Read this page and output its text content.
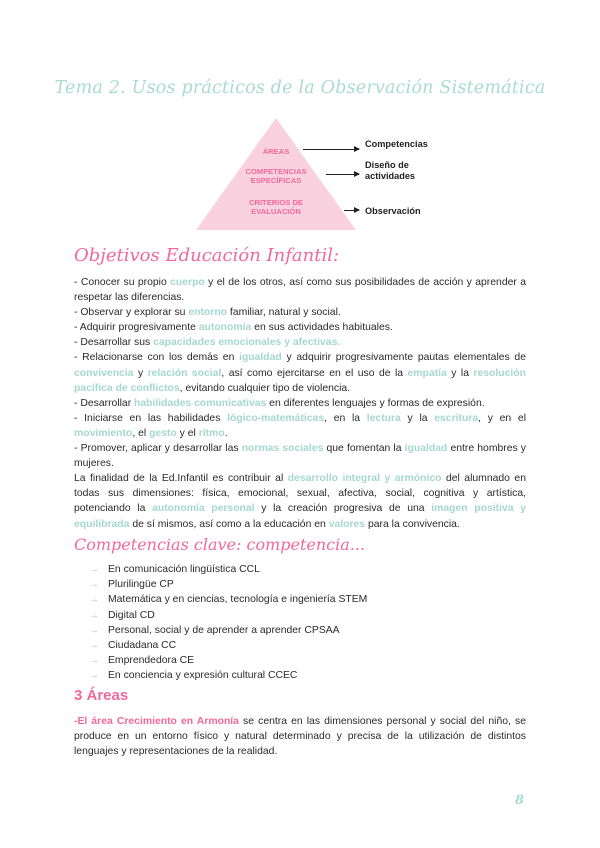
Tema 2. Usos prácticos de la Observación Sistemática
ÁREAS
COMPETENCIAS ESPECÍFICAS
CRITERIOS DE EVALUACIÓN
Competencias
Diseño de actividades
Observación
Objetivos Educación Infantil:

- Conocer su propio cuerpo y el de los otros, así como sus posibilidades de acción y aprender a respetar las diferencias.

- Observar y explorar su entorno familiar, natural y social.

- Adquirir progresivamente autonomía en sus actividades habituales.

- Desarrollar sus capacidades emocionales y afectivas.

- Relacionarse con los demás en igualdad y adquirir progresivamente pautas elementales de convivencia y relación social, así como ejercitarse en el uso de la empatía y la resolución pacífica de conflictos, evitando cualquier tipo de violencia.

- Desarrollar habilidades comunicativas en diferentes lenguajes y formas de expresión.

- Iniciarse en las habilidades lógico-matemáticas, en la lectura y la escritura, y en el movimiento, el gesto y el ritmo.

- Promover, aplicar y desarrollar las normas sociales que fomentan la igualdad entre hombres y mujeres.

La finalidad de la Ed.Infantil es contribuir al desarrollo integral y armónico del alumnado en todas sus dimensiones: física, emocional, sexual, afectiva, social, cognitiva y artística, potenciando la autonomía personal y la creación progresiva de una imagen positiva y equilibrada de sí mismos, así como a la educación en valores para la convivencia.

Competencias clave: competencia...
→ En comunicación lingüística CCL
→ Plurilingüe CP
→ Matemática y en ciencias, tecnología e ingeniería STEM
→ Digital CD
→ Personal, social y de aprender a aprender CPSAA
→ Ciudadana CC
→ Emprendedora CE
→ En conciencia y expresión cultural CCEC
3 Áreas

-El área Crecimiento en Armonía se centra en las dimensiones personal y social del niño, se produce en un entorno físico y natural determinado y precisa de la utilización de distintos lenguajes y representaciones de la realidad.

8
